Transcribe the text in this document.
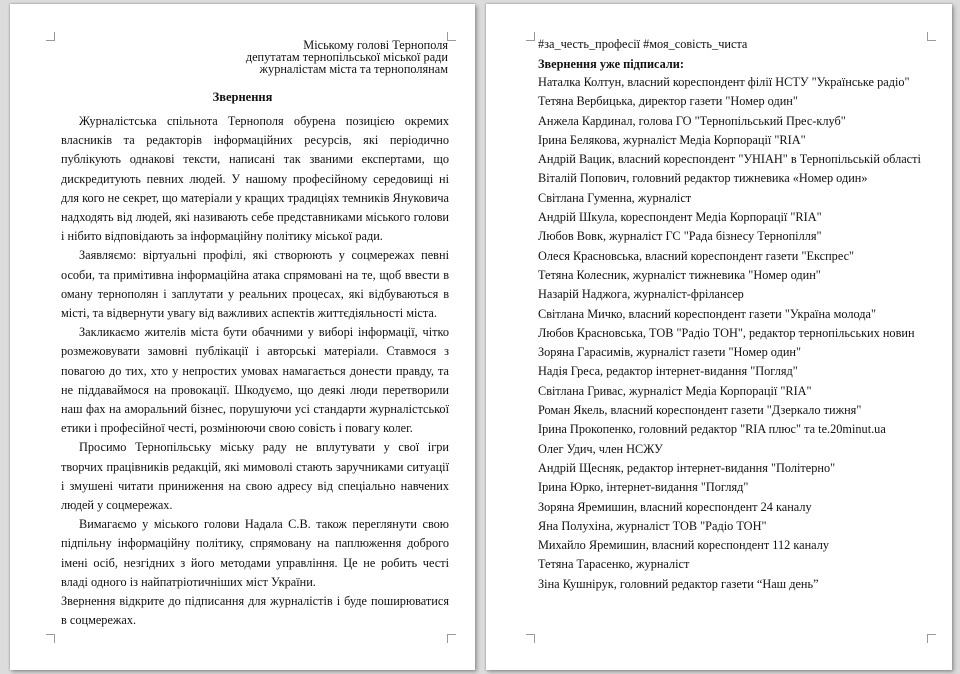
Міському голові Тернополя
депутатам тернопільської міської ради
журналістам міста та тернополянам
Звернення

Журналістська спільнота Тернополя обурена позицією окремих власників та редакторів інформаційних ресурсів, які періодично публікують однакові тексти, написані так званими експертами, що дискредитують певних людей. У нашому професійному середовищі ні для кого не секрет, що матеріали у кращих традиціях темників Януковича надходять від людей, які називають себе представниками міського голови і нібито відповідають за інформаційну політику міської ради.

Заявляємо: віртуальні профілі, які створюють у соцмережах певні особи, та примітивна інформаційна атака спрямовані на те, щоб ввести в оману тернополян і заплутати у реальних процесах, які відбуваються в місті, та відвернути увагу від важливих аспектів життєдіяльності міста.

Закликаємо жителів міста бути обачними у виборі інформації, чітко розмежовувати замовні публікації і авторські матеріали. Ставмося з повагою до тих, хто у непростих умовах намагається донести правду, та не піддаваймося на провокації. Шкодуємо, що деякі люди перетворили наш фах на аморальний бізнес, порушуючи усі стандарти журналістської етики і професійної честі, розмінюючи свою совість і повагу колег.

Просимо Тернопільську міську раду не вплутувати у свої ігри творчих працівників редакцій, які мимоволі стають заручниками ситуації і змушені читати приниження на свою адресу від спеціально навчених людей у соцмережах.

Вимагаємо у міського голови Надала С.В. також переглянути свою підпільну інформаційну політику, спрямовану на паплюження доброго імені осіб, незгідних з його методами управління. Це не робить честі владі одного із найпатріотичніших міст України.

Звернення відкрите до підписання для журналістів і буде поширюватися в соцмережах.

#за_честь_професії #моя_совість_чиста
Звернення уже підписали:
Наталка Колтун, власний кореспондент філії НСТУ "Українське радіо"
Тетяна Вербицька, директор газети "Номер один"
Анжела Кардинал, голова ГО "Тернопільський Прес-клуб"
Ірина Белякова, журналіст Медіа Корпорації "RIA"
Андрій Вацик, власний кореспондент "УНІАН" в Тернопільській області
Віталій Попович, головний редактор тижневика «Номер один»
Світлана Гуменна, журналіст
Андрій Шкула, кореспондент Медіа Корпорації "RIA"
Любов Вовк, журналіст ГС "Рада бізнесу Тернопілля"
Олеся Красновська, власний кореспондент газети "Експрес"
Тетяна Колесник, журналіст тижневика "Номер один"
Назарій Наджога, журналіст-фрілансер
Світлана Мичко, власний кореспондент газети "Україна молода"
Любов Красновська, ТОВ "Радіо ТОН", редактор тернопільських новин
Зоряна Гарасимів, журналіст газети "Номер один"
Надія Греса, редактор інтернет-видання "Погляд"
Світлана Гривас, журналіст Медіа Корпорації "RIA"
Роман Якель, власний кореспондент газети "Дзеркало тижня"
Ірина Прокопенко, головний редактор "RIA плюс" та te.20minut.ua
Олег Удич, член НСЖУ
Андрій Щесняк, редактор інтернет-видання "Політерно"
Ірина Юрко, інтернет-видання "Погляд"
Зоряна Яремишин, власний кореспондент 24 каналу
Яна Полухіна, журналіст ТОВ "Радіо ТОН"
Михайло Яремишин, власний кореспондент 112 каналу
Тетяна Тарасенко, журналіст
Зіна Кушнірук, головний редактор газети “Наш день”
